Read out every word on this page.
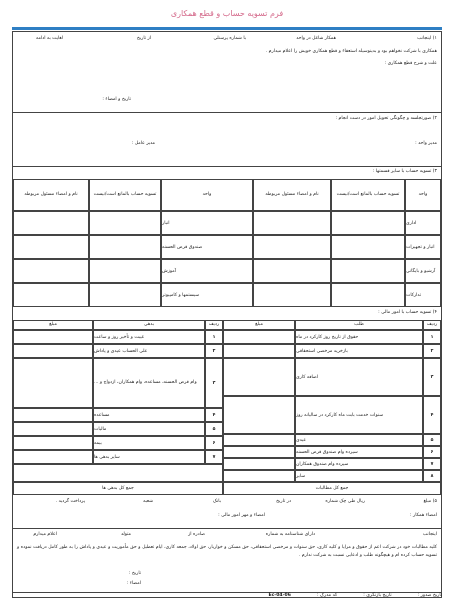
فرم تسویه حساب و قطع همکاری
۱) اینجانب
همکار شاغل در واحد
با شماره پرسنلی
از تاریخ
لغایت به ادامه
همکاری با شرکت نخواهم بود و بدینوسیله استعفاء و قطع همکاری خویش را اعلام میدارم .
علت و شرح قطع همکاری :
تاریخ و امضاء :
۲) صورتجلسه و چگونگی تحویل امور در دست انجام :
مدیر واحد :
مدیر عامل :
۳) تسویه حساب با سایر قسمتها :
واحد
تسویه حساب بالمانع است/نیست
نام و امضاء مسئول مربوطه
واحد
تسویه حساب بالمانع است/نیست
نام و امضاء مسئول مربوطه
اداری
انبار
انبار و تجهیزات
صندوق قرض الحسنه
آرشیو و بایگانی
آموزش
تدارکات
سیستمها و کامپیوتر
۴) تسویه حساب با امور مالی :
ردیف
طلب
مبلغ
ردیف
بدهی
مبلغ
۱
حقوق از تاریخ روز کارکرد در ماه
۲
بازخرید مرخصی استحقاقی
۳
اضافه کاری
۴
سنوات خدمت بابت ماه کارکرد در سالیانه روز
۵
عیدی
۶
سپرده وام صندوق قرض الحسنه
۷
سپرده وام صندوق همکاران
۸
سایر
۱
غیبت و تأخیر روز و ساعت
۲
علی الحساب عیدی و پاداش
۳
وام قرض الحسنه، مساعده، وام همکاران، ازدواج و ...
۴
مساعده
۵
مالیات
۶
بیمه
۷
سایر بدهی ها
جمع کل بدهی ها	جمع کل مطالبات
۵) مبلغ
ریال طی چک شماره
در تاریخ
بانک
شعبه
پرداخت گردید .
امضاء همکار :
امضاء و مهر امور مالی :
اینجانب
دارای شناسنامه به شماره
صادره از
متولد
اعلام میدارم
کلیه مطالبات خود در شرکت اعم از حقوق و مزایا و کلیه کاری، حق سنوات و مرخصی استحقاقی، حق مسکن و خواربار، حق اولاد، جمعه کاری، ایام تعطیل و حق مأموریت و عیدی و پاداش را به طور کامل دریافت نموده و تسویه حساب کرده ام و هیچگونه طلب و ادعایی نسبت به شرکت ندارم .
تاریخ :
امضاء :
تاریخ صدور :
تاریخ بازنگری :
کد مدرک :
Ec-04-06
